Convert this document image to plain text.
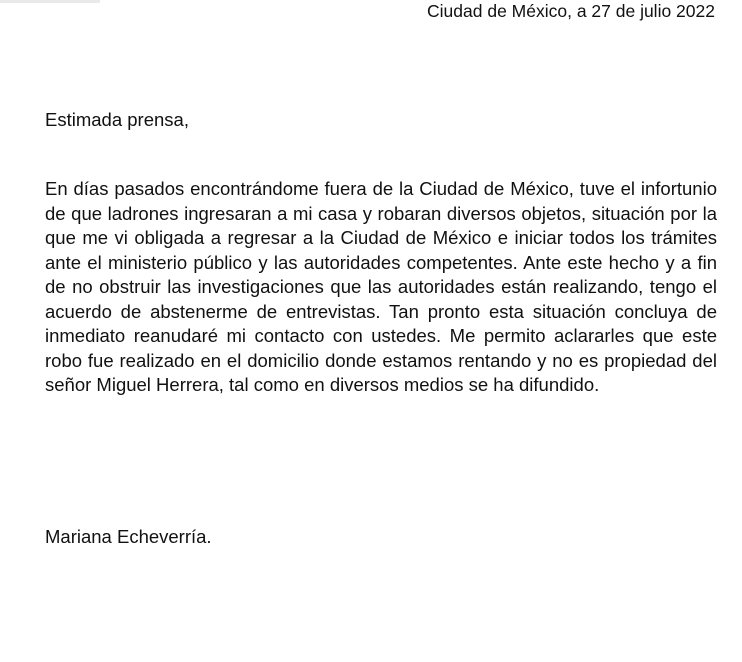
Ciudad de México, a 27 de julio 2022
Estimada prensa,

En días pasados encontrándome fuera de la Ciudad de México, tuve el infortunio de que ladrones ingresaran a mi casa y robaran diversos objetos, situación por la que me vi obligada a regresar a la Ciudad de México e iniciar todos los trámites ante el ministerio público y las autoridades competentes. Ante este hecho y a fin de no obstruir las investigaciones que las autoridades están realizando, tengo el acuerdo de abstenerme de entrevistas. Tan pronto esta situación concluya de inmediato reanudaré mi contacto con ustedes. Me permito aclararles que este robo fue realizado en el domicilio donde estamos rentando y no es propiedad del señor Miguel Herrera, tal como en diversos medios se ha difundido.

Mariana Echeverría.
